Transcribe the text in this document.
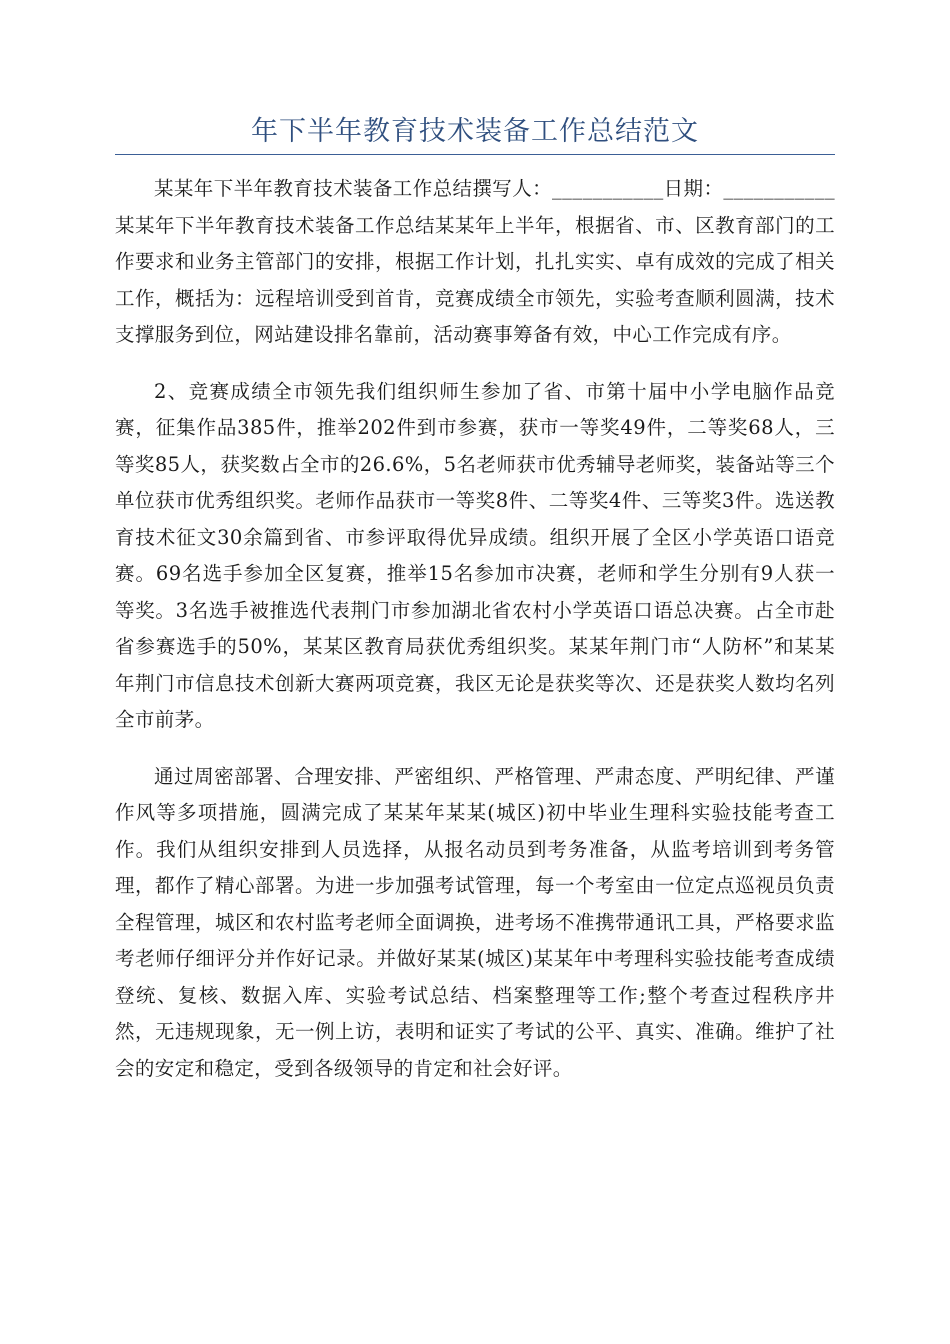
年下半年教育技术装备工作总结范文

某某年下半年教育技术装备工作总结撰写人：___________日期：___________某某年下半年教育技术装备工作总结某某年上半年，根据省、市、区教育部门的工作要求和业务主管部门的安排，根据工作计划，扎扎实实、卓有成效的完成了相关工作，概括为：远程培训受到首肯，竞赛成绩全市领先，实验考查顺利圆满，技术支撑服务到位，网站建设排名靠前，活动赛事筹备有效，中心工作完成有序。

2、竞赛成绩全市领先我们组织师生参加了省、市第十届中小学电脑作品竞赛，征集作品385件，推举202件到市参赛，获市一等奖49件，二等奖68人，三等奖85人，获奖数占全市的26.6%，5名老师获市优秀辅导老师奖，装备站等三个单位获市优秀组织奖。老师作品获市一等奖8件、二等奖4件、三等奖3件。选送教育技术征文30余篇到省、市参评取得优异成绩。组织开展了全区小学英语口语竞赛。69名选手参加全区复赛，推举15名参加市决赛，老师和学生分别有9人获一等奖。3名选手被推选代表荆门市参加湖北省农村小学英语口语总决赛。占全市赴省参赛选手的50%，某某区教育局获优秀组织奖。某某年荆门市“人防杯”和某某年荆门市信息技术创新大赛两项竞赛，我区无论是获奖等次、还是获奖人数均名列全市前茅。

通过周密部署、合理安排、严密组织、严格管理、严肃态度、严明纪律、严谨作风等多项措施，圆满完成了某某年某某(城区)初中毕业生理科实验技能考查工作。我们从组织安排到人员选择，从报名动员到考务准备，从监考培训到考务管理，都作了精心部署。为进一步加强考试管理，每一个考室由一位定点巡视员负责全程管理，城区和农村监考老师全面调换，进考场不准携带通讯工具，严格要求监考老师仔细评分并作好记录。并做好某某(城区)某某年中考理科实验技能考查成绩登统、复核、数据入库、实验考试总结、档案整理等工作;整个考查过程秩序井然，无违规现象，无一例上访，表明和证实了考试的公平、真实、准确。维护了社会的安定和稳定，受到各级领导的肯定和社会好评。
